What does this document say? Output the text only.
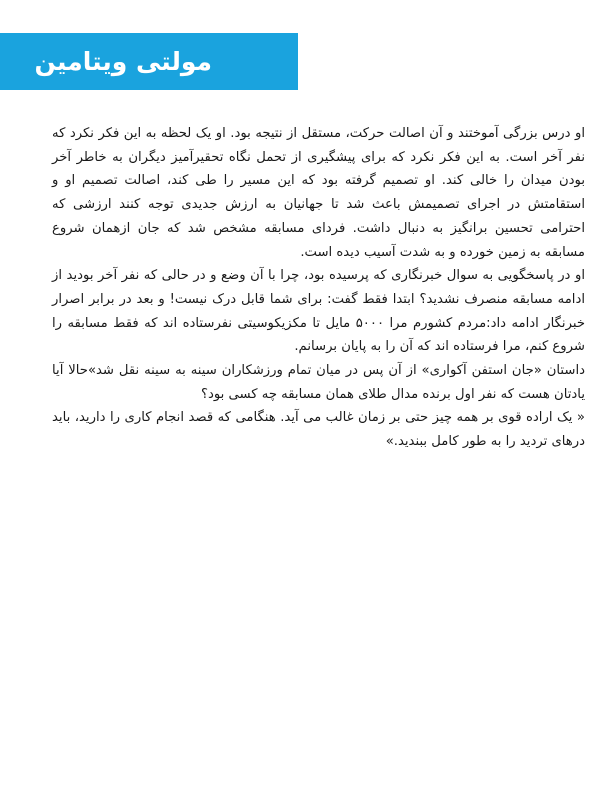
مولتی ویتامین

او درس بزرگی آموختند و آن اصالت حرکت، مستقل از نتیجه بود. او یک لحظه به این فکر نکرد که نفر آخر است. به این فکر نکرد که برای پیشگیری از تحمل نگاه تحقیرآمیز دیگران به خاطر آخر بودن میدان را خالی کند. او تصمیم گرفته بود که این مسیر را طی کند، اصالت تصمیم او و استقامتش در اجرای تصمیمش باعث شد تا جهانیان به ارزش جدیدی توجه کنند ارزشی که احترامی تحسین برانگیز به دنبال داشت. فردای مسابقه مشخص شد که جان ازهمان شروع مسابقه به زمین خورده و به شدت آسیب دیده است.

او در پاسخگویی به سوال خبرنگاری که پرسیده بود، چرا با آن وضع و در حالی که نفر آخر بودید از ادامه مسابقه منصرف نشدید؟ ابتدا فقط گفت: برای شما قابل درک نیست! و بعد در برابر اصرار خبرنگار ادامه داد:مردم کشورم مرا ۵۰۰۰ مایل تا مکزیکوسیتی نفرستاده اند که فقط مسابقه را شروع کنم، مرا فرستاده اند که آن را به پایان برسانم.

داستان «جان استفن آکواری» از آن پس در میان تمام ورزشکاران سینه به سینه نقل شد»حالا آیا یادتان هست که نفر اول برنده مدال طلای همان مسابقه چه کسی بود؟

« یک اراده قوی بر همه چیز حتی بر زمان غالب می آید. هنگامی که قصد انجام کاری را دارید، باید درهای تردید را به طور کامل ببندید.»
